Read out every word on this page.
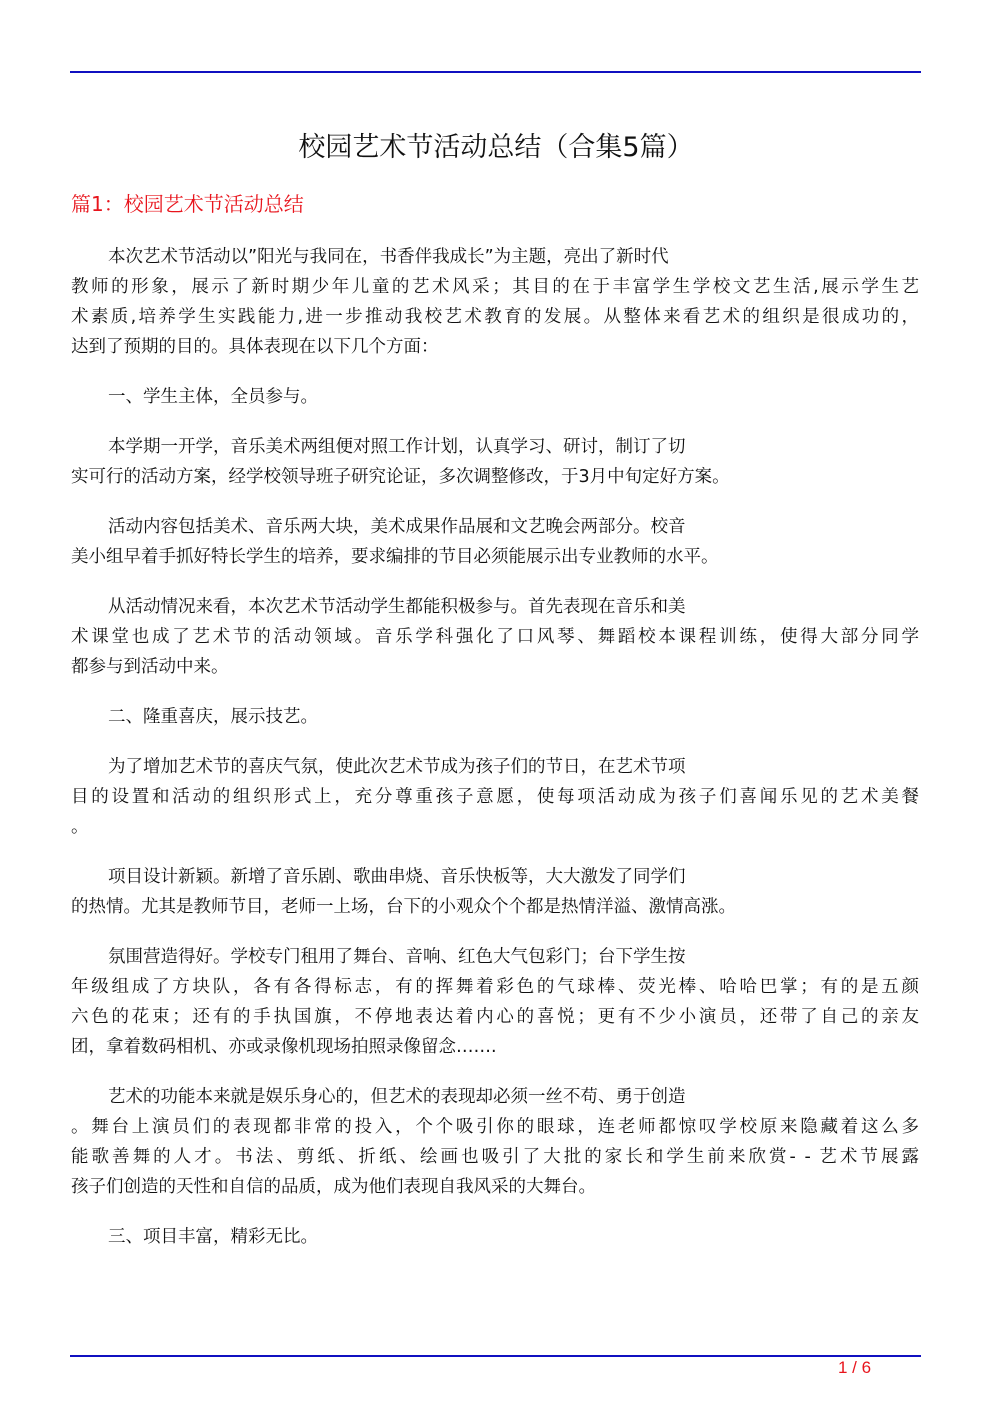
校园艺术节活动总结（合集5篇）
篇1：校园艺术节活动总结
本次艺术节活动以”阳光与我同在，书香伴我成长”为主题，亮出了新时代
教师的形象，展示了新时期少年儿童的艺术风采；其目的在于丰富学生学校文艺生活,展示学生艺
术素质,培养学生实践能力,进一步推动我校艺术教育的发展。从整体来看艺术的组织是很成功的，
达到了预期的目的。具体表现在以下几个方面：
一、学生主体，全员参与。
本学期一开学，音乐美术两组便对照工作计划，认真学习、研讨，制订了切
实可行的活动方案，经学校领导班子研究论证，多次调整修改，于3月中旬定好方案。
活动内容包括美术、音乐两大块，美术成果作品展和文艺晚会两部分。校音
美小组早着手抓好特长学生的培养，要求编排的节目必须能展示出专业教师的水平。
从活动情况来看，本次艺术节活动学生都能积极参与。首先表现在音乐和美
术课堂也成了艺术节的活动领域。音乐学科强化了口风琴、舞蹈校本课程训练，使得大部分同学
都参与到活动中来。
二、隆重喜庆，展示技艺。
为了增加艺术节的喜庆气氛，使此次艺术节成为孩子们的节日，在艺术节项
目的设置和活动的组织形式上，充分尊重孩子意愿，使每项活动成为孩子们喜闻乐见的艺术美餐
。
项目设计新颖。新增了音乐剧、歌曲串烧、音乐快板等，大大激发了同学们
的热情。尤其是教师节目，老师一上场，台下的小观众个个都是热情洋溢、激情高涨。
氛围营造得好。学校专门租用了舞台、音响、红色大气包彩门；台下学生按
年级组成了方块队，各有各得标志，有的挥舞着彩色的气球棒、荧光棒、哈哈巴掌；有的是五颜
六色的花束；还有的手执国旗，不停地表达着内心的喜悦；更有不少小演员，还带了自己的亲友
团，拿着数码相机、亦或录像机现场拍照录像留念…….
艺术的功能本来就是娱乐身心的，但艺术的表现却必须一丝不苟、勇于创造
。舞台上演员们的表现都非常的投入，个个吸引你的眼球，连老师都惊叹学校原来隐藏着这么多
能歌善舞的人才。书法、剪纸、折纸、绘画也吸引了大批的家长和学生前来欣赏- - 艺术节展露
孩子们创造的天性和自信的品质，成为他们表现自我风采的大舞台。
三、项目丰富，精彩无比。
1 / 6
